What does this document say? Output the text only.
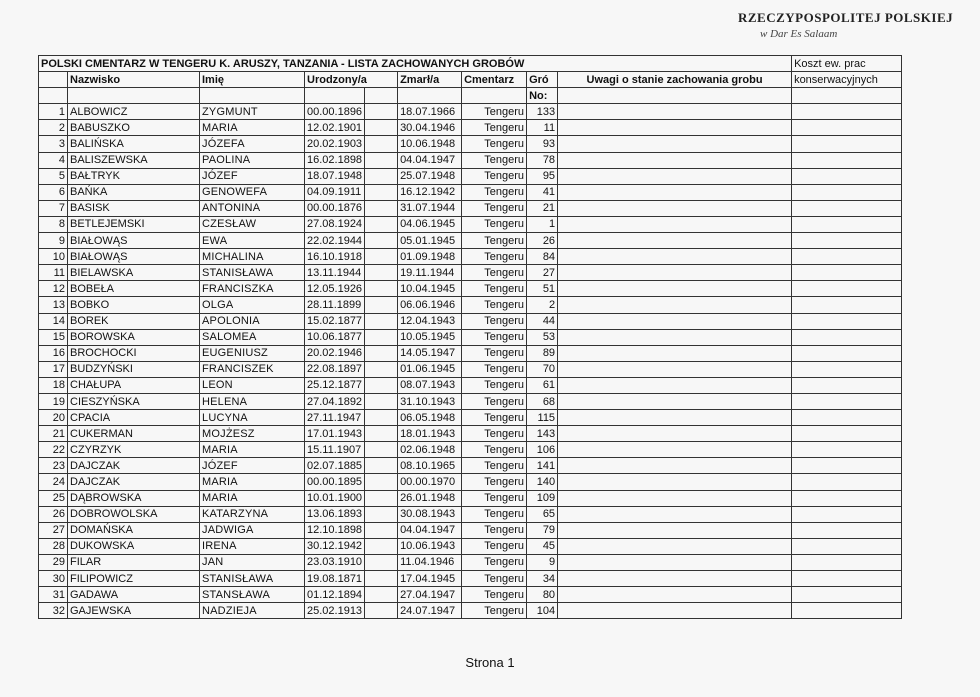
RZECZYPOSPOLITEJ POLSKIEJ
w Dar Es Salaam
POLSKI CMENTARZ W TENGERU K. ARUSZY, TANZANIA - LISTA ZACHOWANYCH GROBÓW									Koszt ew. prac
	Nazwisko	Imię	Urodzony/a		Zmarł/a	Cmentarz	Gró	Uwagi o stanie zachowania grobu	konserwacyjnych
							No:		
1	ALBOWICZ	ZYGMUNT	00.00.1896		18.07.1966	Tengeru	133		
2	BABUSZKO	MARIA	12.02.1901		30.04.1946	Tengeru	11		
3	BALIŃSKA	JÓZEFA	20.02.1903		10.06.1948	Tengeru	93		
4	BALISZEWSKA	PAOLINA	16.02.1898		04.04.1947	Tengeru	78		
5	BAŁTRYK	JÓZEF	18.07.1948		25.07.1948	Tengeru	95		
6	BAŃKA	GENOWEFA	04.09.1911		16.12.1942	Tengeru	41		
7	BASISK	ANTONINA	00.00.1876		31.07.1944	Tengeru	21		
8	BETLEJEMSKI	CZESŁAW	27.08.1924		04.06.1945	Tengeru	1		
9	BIAŁOWĄS	EWA	22.02.1944		05.01.1945	Tengeru	26		
10	BIAŁOWĄS	MICHALINA	16.10.1918		01.09.1948	Tengeru	84		
11	BIELAWSKA	STANISŁAWA	13.11.1944		19.11.1944	Tengeru	27		
12	BOBEŁA	FRANCISZKA	12.05.1926		10.04.1945	Tengeru	51		
13	BOBKO	OLGA	28.11.1899		06.06.1946	Tengeru	2		
14	BOREK	APOLONIA	15.02.1877		12.04.1943	Tengeru	44		
15	BOROWSKA	SALOMEA	10.06.1877		10.05.1945	Tengeru	53		
16	BROCHOCKI	EUGENIUSZ	20.02.1946		14.05.1947	Tengeru	89		
17	BUDZYŃSKI	FRANCISZEK	22.08.1897		01.06.1945	Tengeru	70		
18	CHAŁUPA	LEON	25.12.1877		08.07.1943	Tengeru	61		
19	CIESZYŃSKA	HELENA	27.04.1892		31.10.1943	Tengeru	68		
20	CPACIA	LUCYNA	27.11.1947		06.05.1948	Tengeru	115		
21	CUKERMAN	MOJŻESZ	17.01.1943		18.01.1943	Tengeru	143		
22	CZYRZYK	MARIA	15.11.1907		02.06.1948	Tengeru	106		
23	DAJCZAK	JÓZEF	02.07.1885		08.10.1965	Tengeru	141		
24	DAJCZAK	MARIA	00.00.1895		00.00.1970	Tengeru	140		
25	DĄBROWSKA	MARIA	10.01.1900		26.01.1948	Tengeru	109		
26	DOBROWOLSKA	KATARZYNA	13.06.1893		30.08.1943	Tengeru	65		
27	DOMAŃSKA	JADWIGA	12.10.1898		04.04.1947	Tengeru	79		
28	DUKOWSKA	IRENA	30.12.1942		10.06.1943	Tengeru	45		
29	FILAR	JAN	23.03.1910		11.04.1946	Tengeru	9		
30	FILIPOWICZ	STANISŁAWA	19.08.1871		17.04.1945	Tengeru	34		
31	GADAWA	STANSŁAWA	01.12.1894		27.04.1947	Tengeru	80		
32	GAJEWSKA	NADZIEJA	25.02.1913		24.07.1947	Tengeru	104		
Strona 1
